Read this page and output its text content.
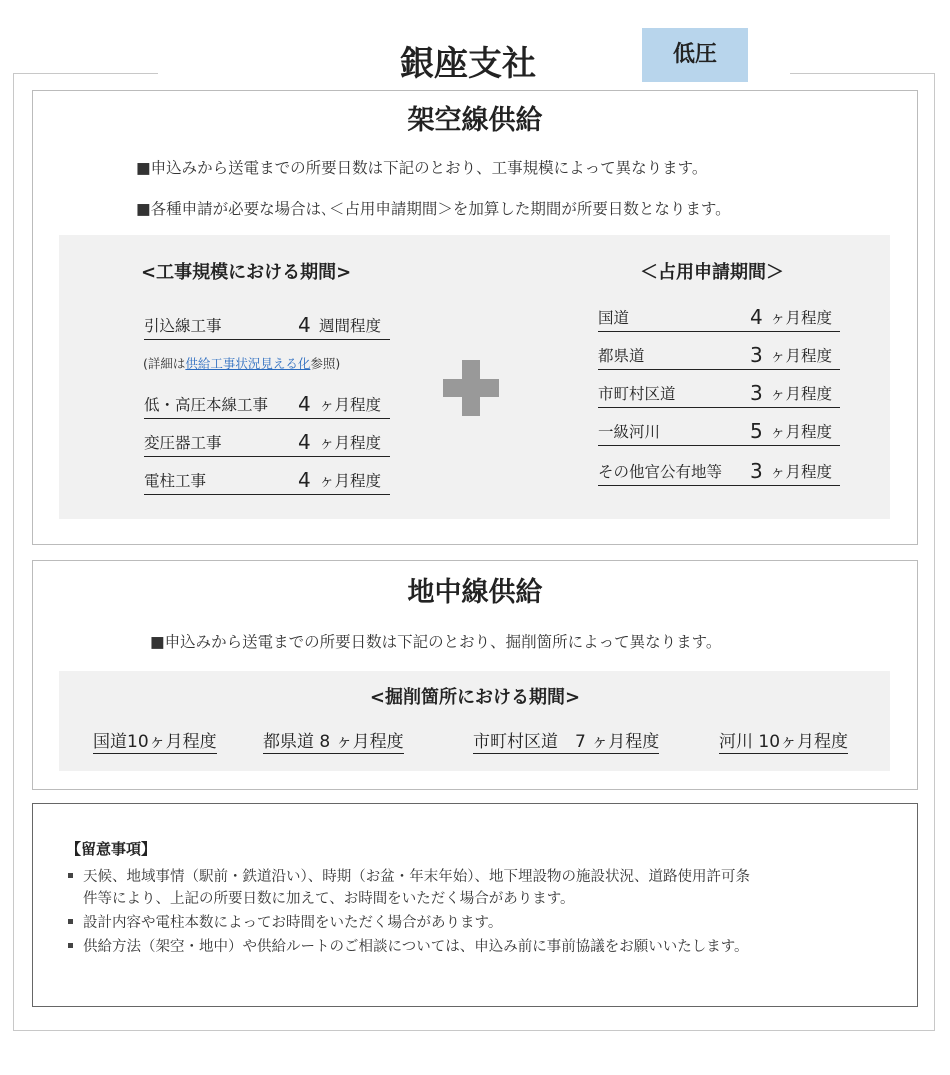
銀座支社	低圧
架空線供給
■申込みから送電までの所要日数は下記のとおり、工事規模によって異なります。
■各種申請が必要な場合は､＜占用申請期間＞を加算した期間が所要日数となります。
<工事規模における期間>
引込線工事	4 週間程度
(詳細は供給工事状況見える化参照)
低・高圧本線工事 4 ヶ月程度
変圧器工事	4 ヶ月程度
電柱工事	4 ヶ月程度
＜占用申請期間＞
国道	4 ヶ月程度
都県道	3 ヶ月程度
市町村区道	3 ヶ月程度
一級河川	5 ヶ月程度
その他官公有地等 3 ヶ月程度
地中線供給
■申込みから送電までの所要日数は下記のとおり、掘削箇所によって異なります。
<掘削箇所における期間>
国道10ヶ月程度	都県道 8 ヶ月程度	市町村区道　7 ヶ月程度	河川 10ヶ月程度
【留意事項】
天候、地域事情（駅前・鉄道沿い）、時期（お盆・年末年始）、地下埋設物の施設状況、道路使用許可条
件等により、上記の所要日数に加えて、お時間をいただく場合があります。
設計内容や電柱本数によってお時間をいただく場合があります。
供給方法（架空・地中）や供給ルートのご相談については、申込み前に事前協議をお願いいたします。
